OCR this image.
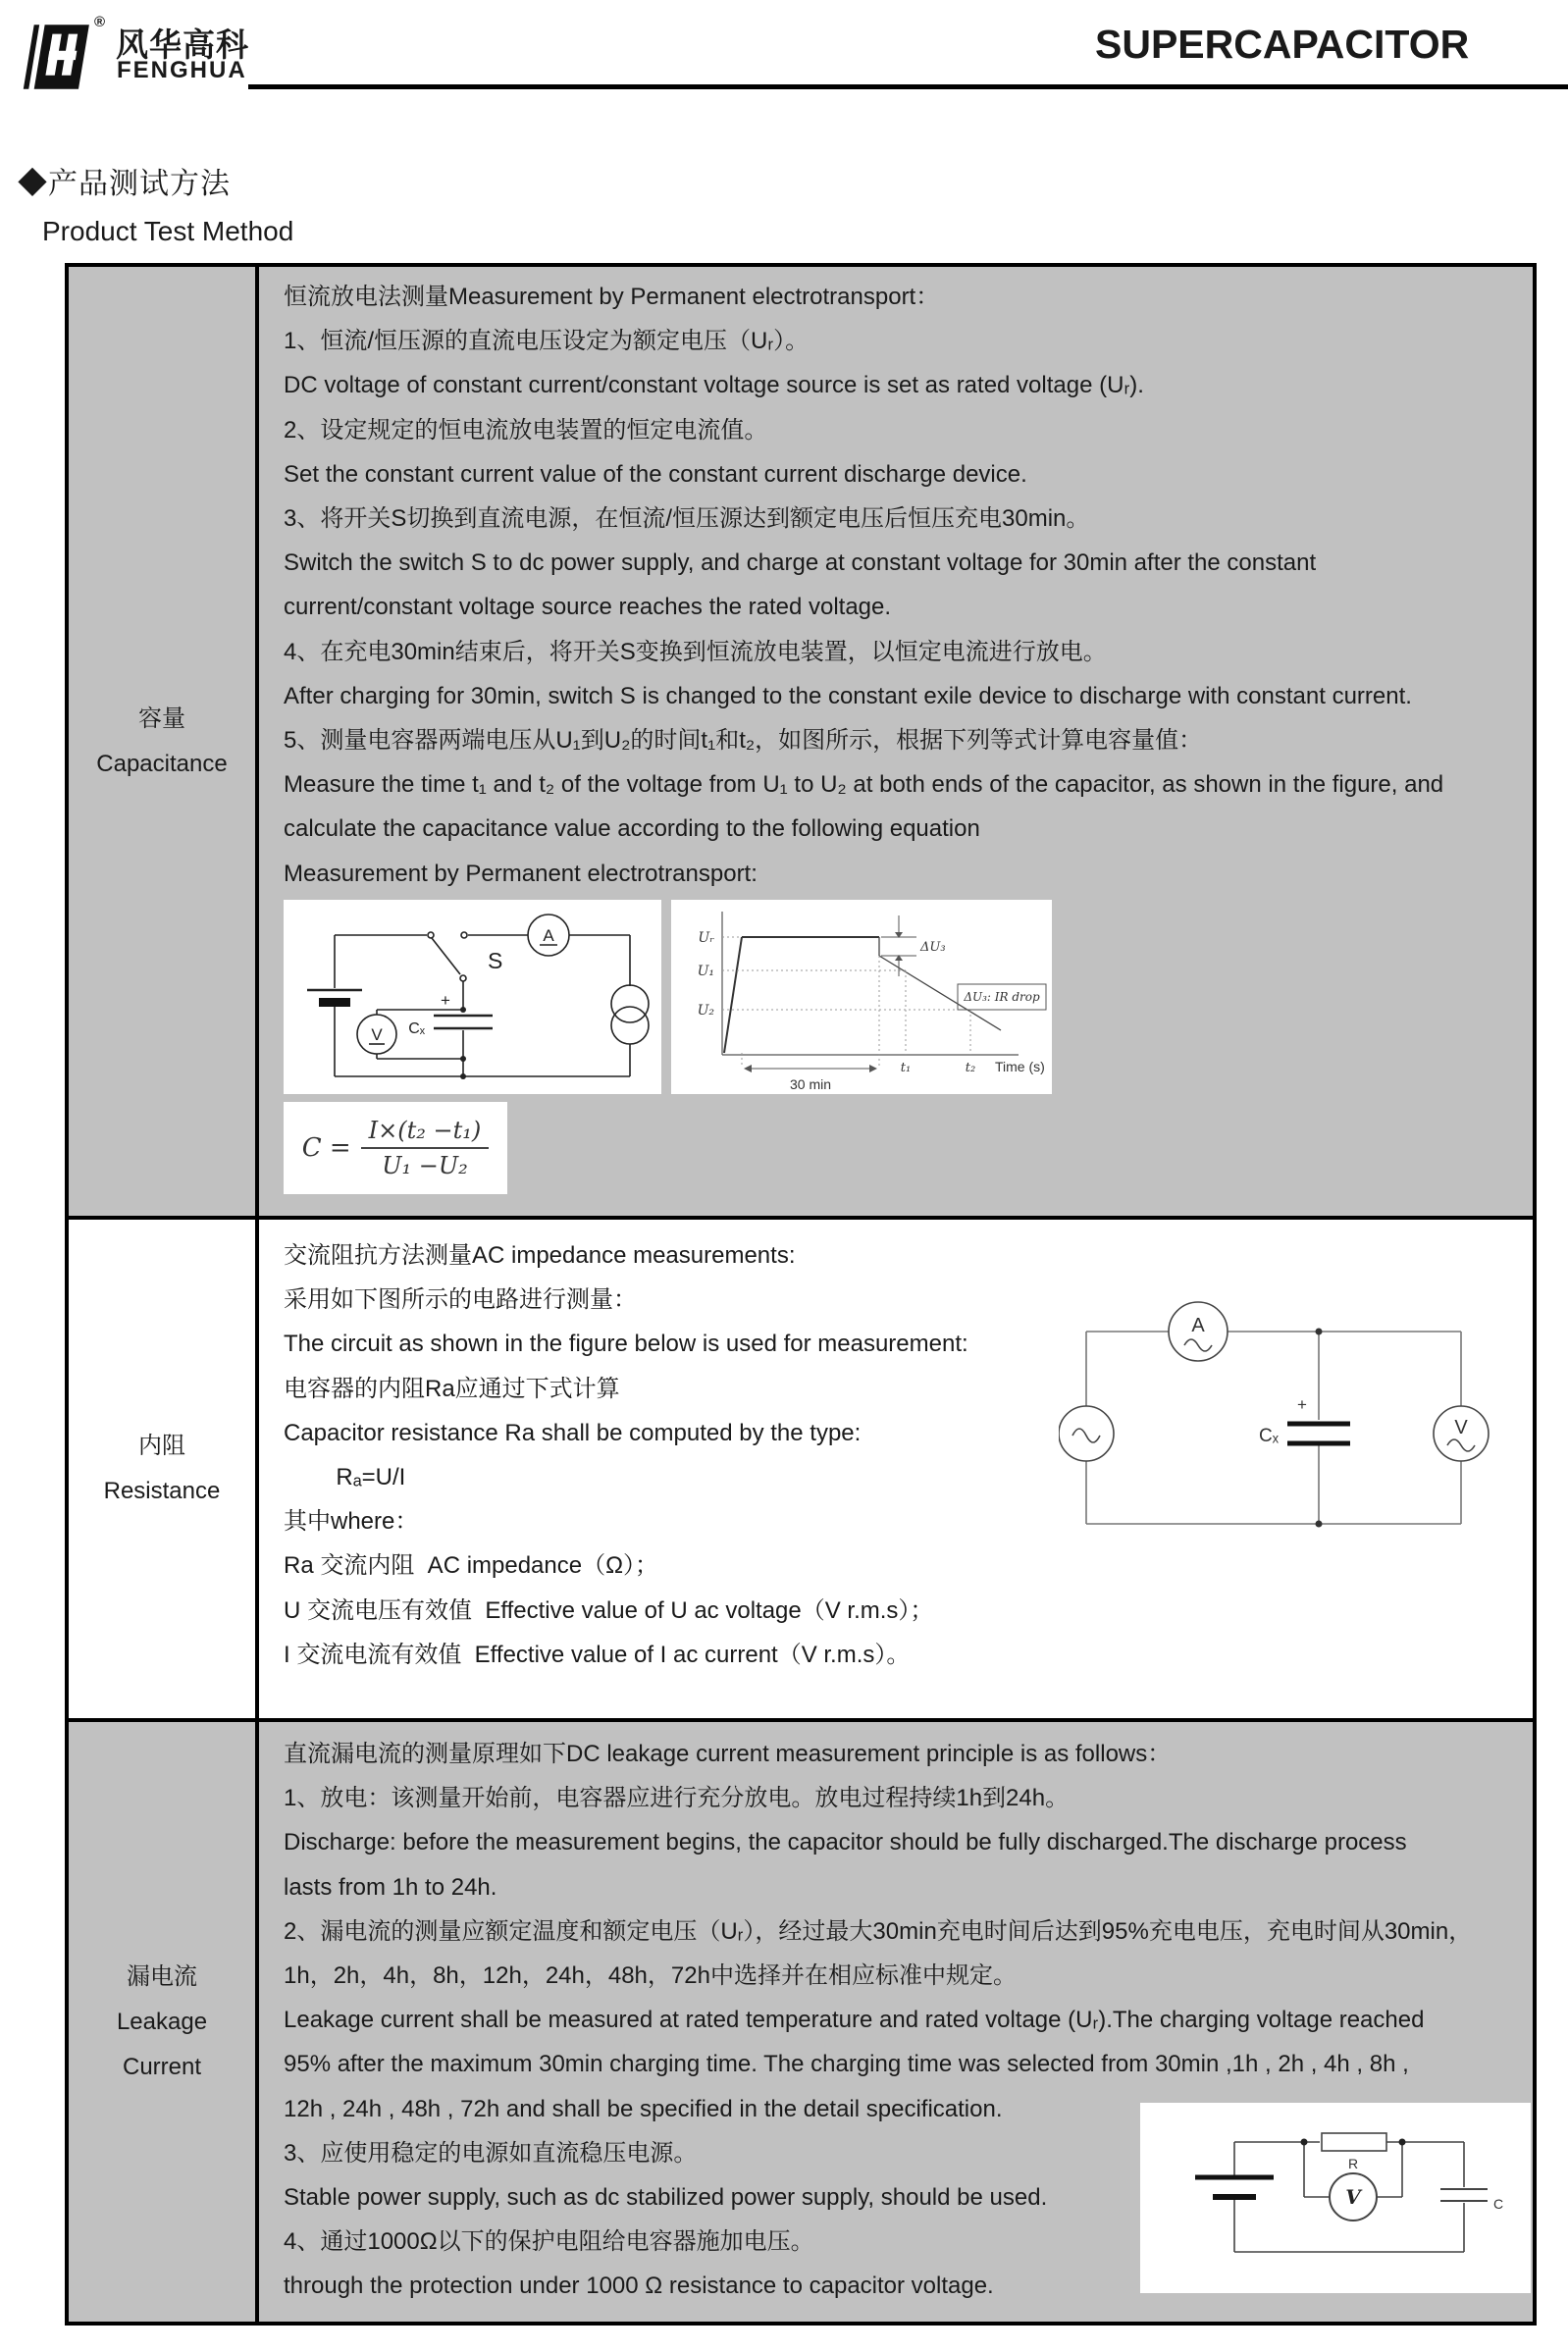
®
风华高科
FENGHUA
SUPERCAPACITOR
◆产品测试方法
Product Test Method
容量
Capacitance
恒流放电法测量Measurement by Permanent electrotransport：
1、恒流/恒压源的直流电压设定为额定电压（Uᵣ）。
DC voltage of constant current/constant voltage source is set as rated voltage (Uᵣ).
2、设定规定的恒电流放电装置的恒定电流值。
Set the constant current value of the constant current discharge device.
3、将开关S切换到直流电源，在恒流/恒压源达到额定电压后恒压充电30min。
Switch the switch S to dc power supply, and charge at constant voltage for 30min after the constant
current/constant voltage source reaches the rated voltage.
4、在充电30min结束后，将开关S变换到恒流放电装置，以恒定电流进行放电。
After charging for 30min, switch S is changed to the constant exile device to discharge with constant current.
5、测量电容器两端电压从U₁到U₂的时间t₁和t₂，如图所示，根据下列等式计算电容量值：
Measure the time t₁ and t₂ of the voltage from U₁ to U₂ at both ends of the capacitor, as shown in the figure, and
calculate the capacitance value according to the following equation
Measurement by Permanent electrotransport:
A
V
S
+
Cₓ
Uᵣ
U₁
U₂
ΔU₃
ΔU₃: IR drop
t₁	t₂ Time (s)
30 min
$C = \frac{\text{I×(t₂ −t₁)}}{\text{U₁ −U₂}}$
内阻
Resistance
交流阻抗方法测量AC impedance measurements:
采用如下图所示的电路进行测量：
The circuit as shown in the figure below is used for measurement:
电容器的内阻Ra应通过下式计算
Capacitor resistance Ra shall be computed by the type:
Rₐ=U/I
其中where：
Ra 交流内阻  AC impedance（Ω）；
U 交流电压有效值  Effective value of U ac voltage（V r.m.s）；
I 交流电流有效值  Effective value of I ac current（V r.m.s）。
A
V
+
Cₓ
漏电流
Leakage
Current
直流漏电流的测量原理如下DC leakage current measurement principle is as follows：
1、放电：该测量开始前，电容器应进行充分放电。放电过程持续1h到24h。
Discharge: before the measurement begins, the capacitor should be fully discharged.The discharge process
lasts from 1h to 24h.
2、漏电流的测量应额定温度和额定电压（Uᵣ），经过最大30min充电时间后达到95%充电电压，充电时间从30min，
1h，2h，4h，8h，12h，24h，48h，72h中选择并在相应标准中规定。
Leakage current shall be measured at rated temperature and rated voltage (Uᵣ).The charging voltage reached
95% after the maximum 30min charging time. The charging time was selected from 30min ,1h , 2h , 4h , 8h ,
12h , 24h , 48h , 72h and shall be specified in the detail specification.
3、应使用稳定的电源如直流稳压电源。
Stable power supply, such as dc stabilized power supply, should be used.
4、通过1000Ω以下的保护电阻给电容器施加电压。
through the protection under 1000 Ω resistance to capacitor voltage.
R
V	C
